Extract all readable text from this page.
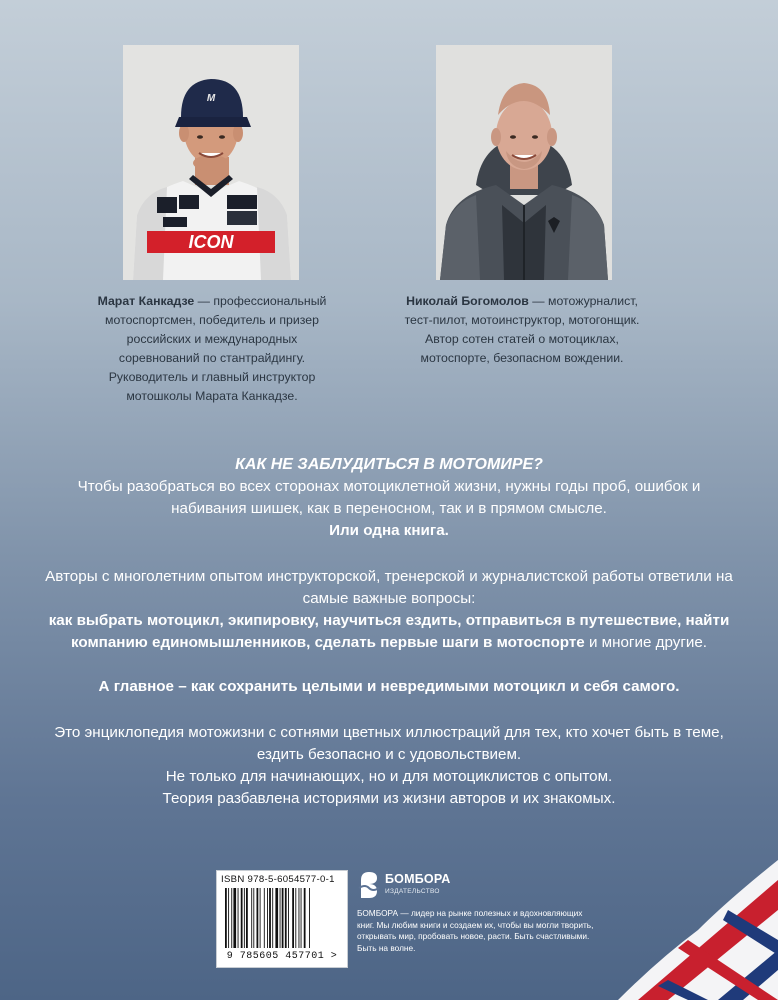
ICON
M
Марат Канкадзе — профессиональный мотоспортсмен, победитель и призер российских и международных соревнований по стантрайдингу. Руководитель и главный инструктор мотошколы Марата Канкадзе.
Николай Богомолов — мотожурналист, тест-пилот, мотоинструктор, мотогонщик. Автор сотен статей о мотоциклах, мотоспорте, безопасном вождении.

КАК НЕ ЗАБЛУДИТЬСЯ В МОТОМИРЕ?

Чтобы разобраться во всех сторонах мотоциклетной жизни, нужны годы проб, ошибок и набивания шишек, как в переносном, так и в прямом смысле.

Или одна книга.

Авторы с многолетним опытом инструкторской, тренерской и журналистской работы ответили на самые важные вопросы:
как выбрать мотоцикл, экипировку, научиться ездить, отправиться в путешествие, найти компанию единомышленников, сделать первые шаги в мотоспорте и многие другие.

А главное – как сохранить целыми и невредимыми мотоцикл и себя самого.

Это энциклопедия мотожизни с сотнями цветных иллюстраций для тех, кто хочет быть в теме, ездить безопасно и с удовольствием.

Не только для начинающих, но и для мотоциклистов с опытом.

Теория разбавлена историями из жизни авторов и их знакомых.

ISBN 978-5-6054577-0-1
9 785605 457701 >
БОМБОРА
ИЗДАТЕЛЬСТВО
БОМБОРА — лидер на рынке полезных и вдохновляющих книг. Мы любим книги и создаем их, чтобы вы могли творить, открывать мир, пробовать новое, расти. Быть счастливыми. Быть на волне.
